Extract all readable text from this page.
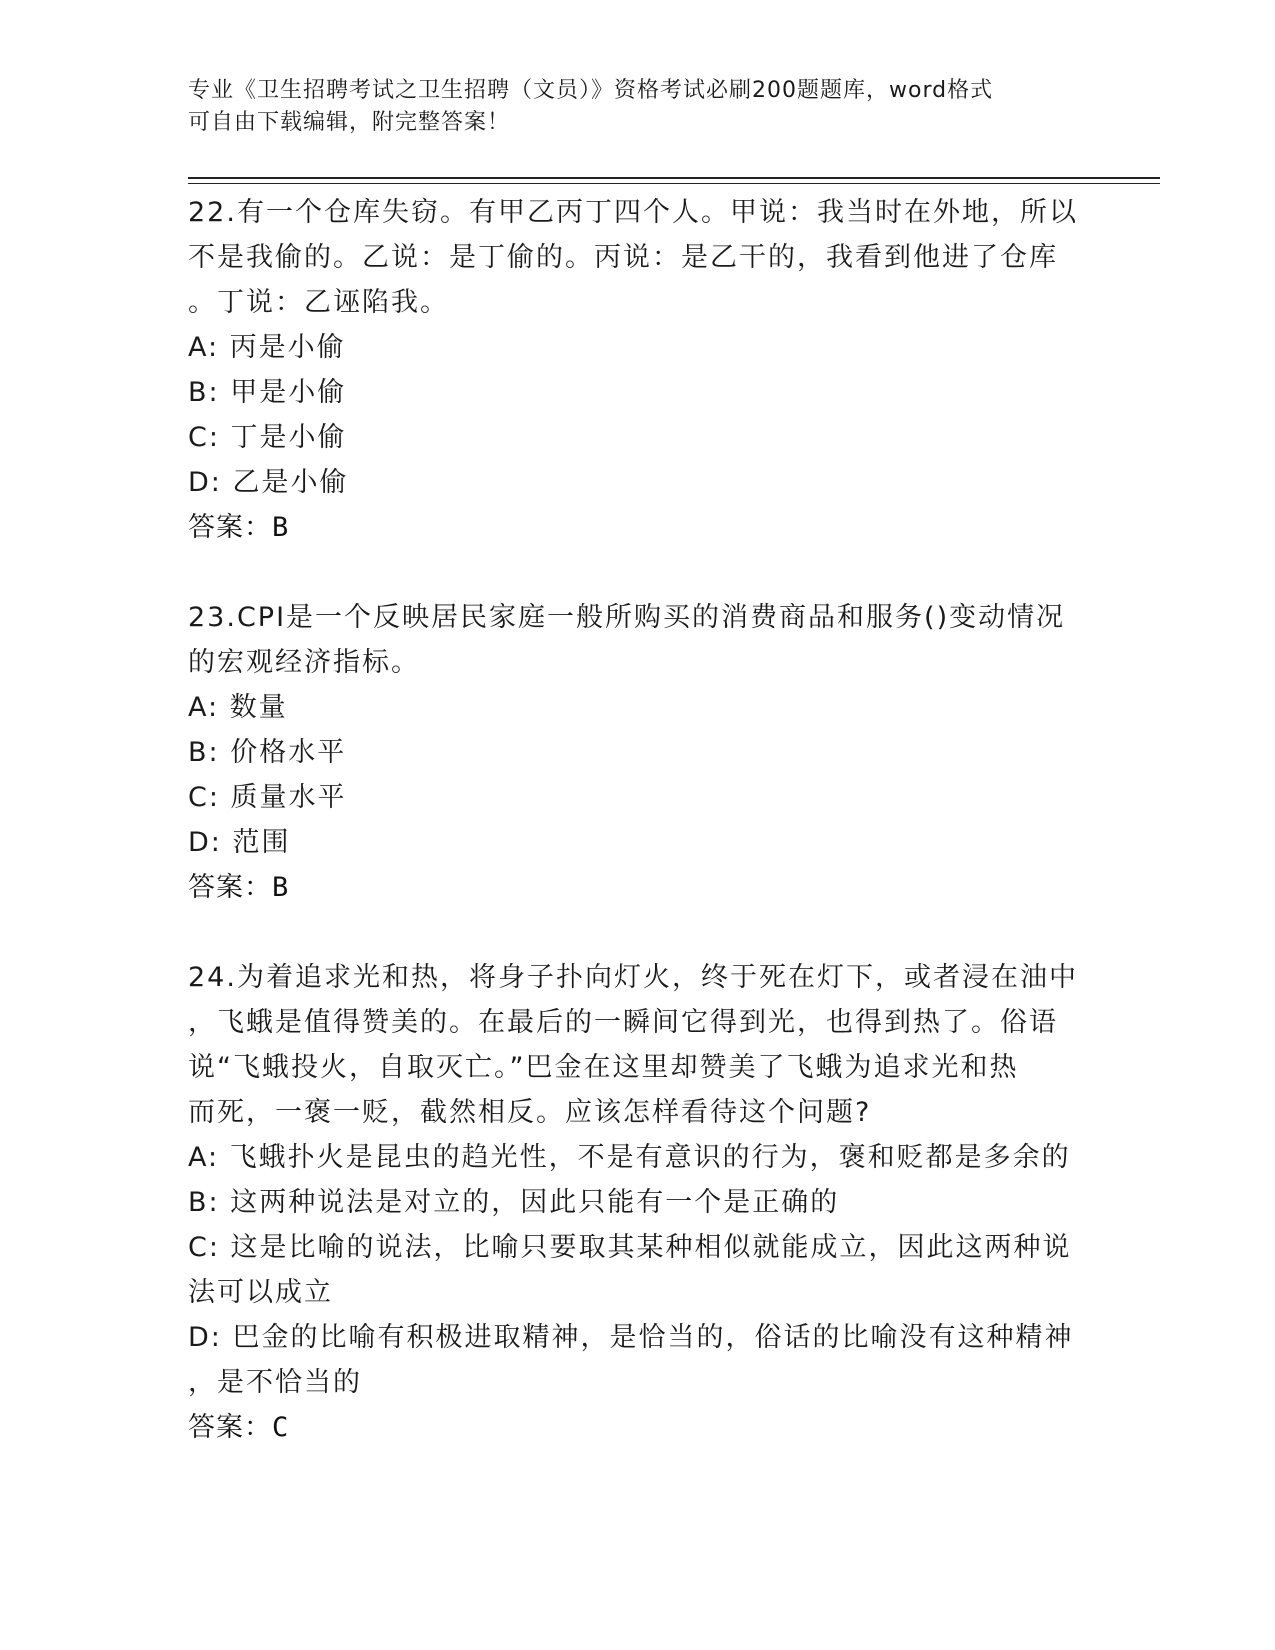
专业《卫生招聘考试之卫生招聘（文员）》资格考试必刷200题题库，word格式
可自由下载编辑，附完整答案！
22.有一个仓库失窃。有甲乙丙丁四个人。甲说：我当时在外地，所以
不是我偷的。乙说：是丁偷的。丙说：是乙干的，我看到他进了仓库
。丁说：乙诬陷我。
A: 丙是小偷
B: 甲是小偷
C: 丁是小偷
D: 乙是小偷
答案：B
23.CPI是一个反映居民家庭一般所购买的消费商品和服务()变动情况
的宏观经济指标。
A: 数量
B: 价格水平
C: 质量水平
D: 范围
答案：B
24.为着追求光和热，将身子扑向灯火，终于死在灯下，或者浸在油中
，飞蛾是值得赞美的。在最后的一瞬间它得到光，也得到热了。俗语
说“飞蛾投火，自取灭亡。”巴金在这里却赞美了飞蛾为追求光和热
而死，一褒一贬，截然相反。应该怎样看待这个问题?
A: 飞蛾扑火是昆虫的趋光性，不是有意识的行为，褒和贬都是多余的
B: 这两种说法是对立的，因此只能有一个是正确的
C: 这是比喻的说法，比喻只要取其某种相似就能成立，因此这两种说
法可以成立
D: 巴金的比喻有积极进取精神，是恰当的，俗话的比喻没有这种精神
，是不恰当的
答案：C
